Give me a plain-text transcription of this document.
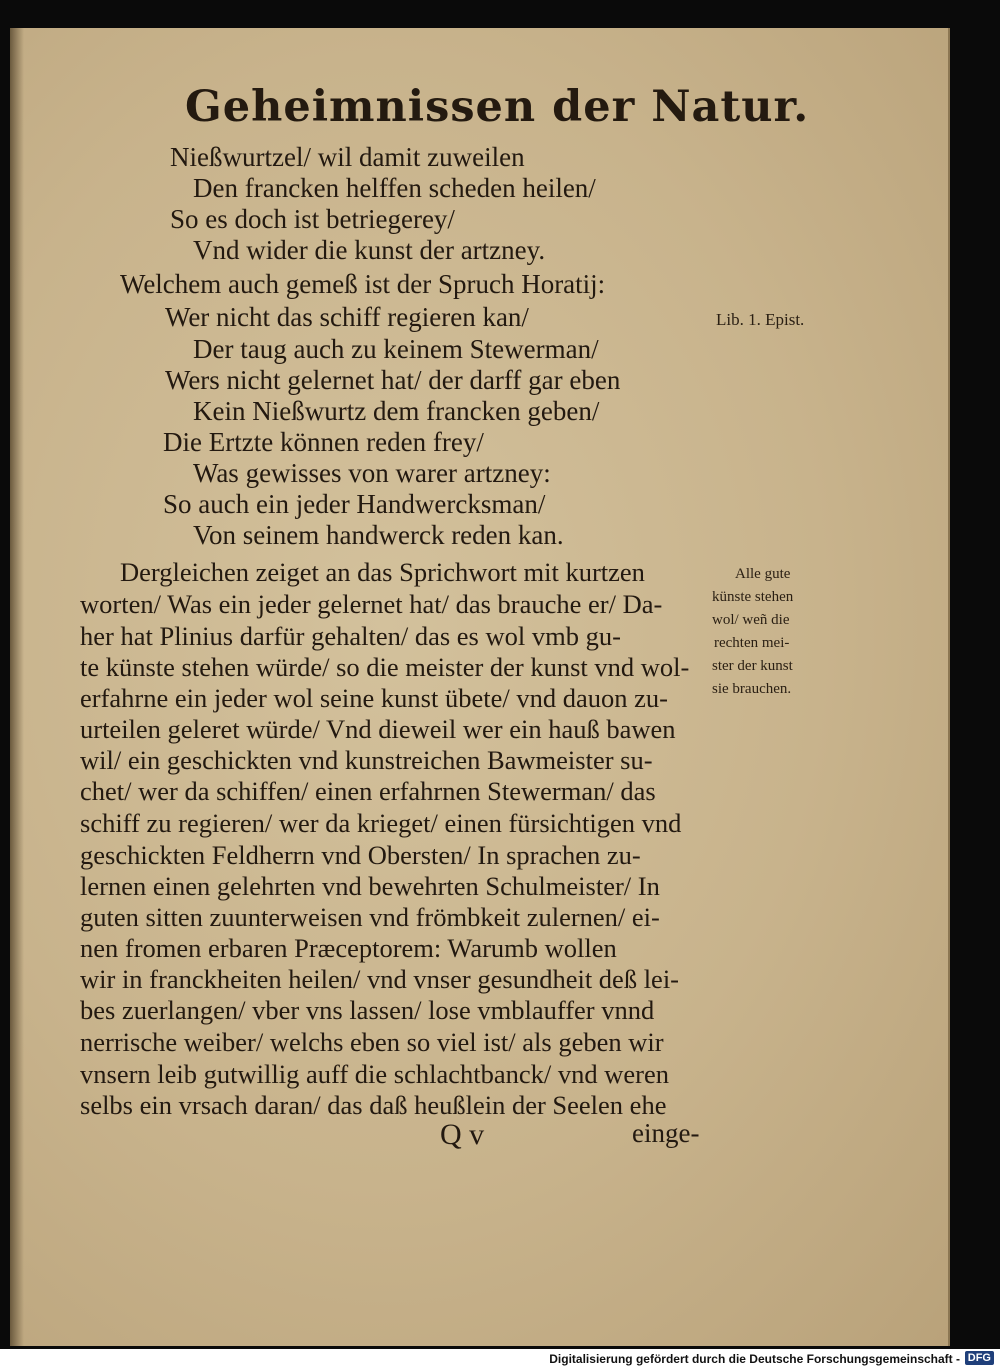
Geheimnissen der Natur.
Nießwurtzel/ wil damit zuweilen
Den francken helffen scheden heilen/
So es doch ist betriegerey/
Vnd wider die kunst der artzney.
Welchem auch gemeß ist der Spruch Horatij:
Wer nicht das schiff regieren kan/
Der taug auch zu keinem Stewerman/
Wers nicht gelernet hat/ der darff gar eben
Kein Nießwurtz dem francken geben/
Die Ertzte können reden frey/
Was gewisses von warer artzney:
So auch ein jeder Handwercksman/
Von seinem handwerck reden kan.
Dergleichen zeiget an das Sprichwort mit kurtzen
worten/ Was ein jeder gelernet hat/ das brauche er/ Da-
her hat Plinius darfür gehalten/ das es wol vmb gu-
te künste stehen würde/ so die meister der kunst vnd wol-
erfahrne ein jeder wol seine kunst übete/ vnd dauon zu-
urteilen geleret würde/ Vnd dieweil wer ein hauß bawen
wil/ ein geschickten vnd kunstreichen Bawmeister su-
chet/ wer da schiffen/ einen erfahrnen Stewerman/ das
schiff zu regieren/ wer da krieget/ einen fürsichtigen vnd
geschickten Feldherrn vnd Obersten/ In sprachen zu-
lernen einen gelehrten vnd bewehrten Schulmeister/ In
guten sitten zuunterweisen vnd frömbkeit zulernen/ ei-
nen fromen erbaren Præceptorem: Warumb wollen
wir in franckheiten heilen/ vnd vnser gesundheit deß lei-
bes zuerlangen/ vber vns lassen/ lose vmblauffer vnnd
nerrische weiber/ welchs eben so viel ist/ als geben wir
vnsern leib gutwillig auff die schlachtbanck/ vnd weren
selbs ein vrsach daran/ das daß heußlein der Seelen ehe
Lib. 1. Epist.
Alle gute
künste stehen
wol/ weñ die
rechten mei-
ster der kunst
sie brauchen.
Q v	einge-
Digitalisierung gefördert durch die Deutsche Forschungsgemeinschaft - DFG
